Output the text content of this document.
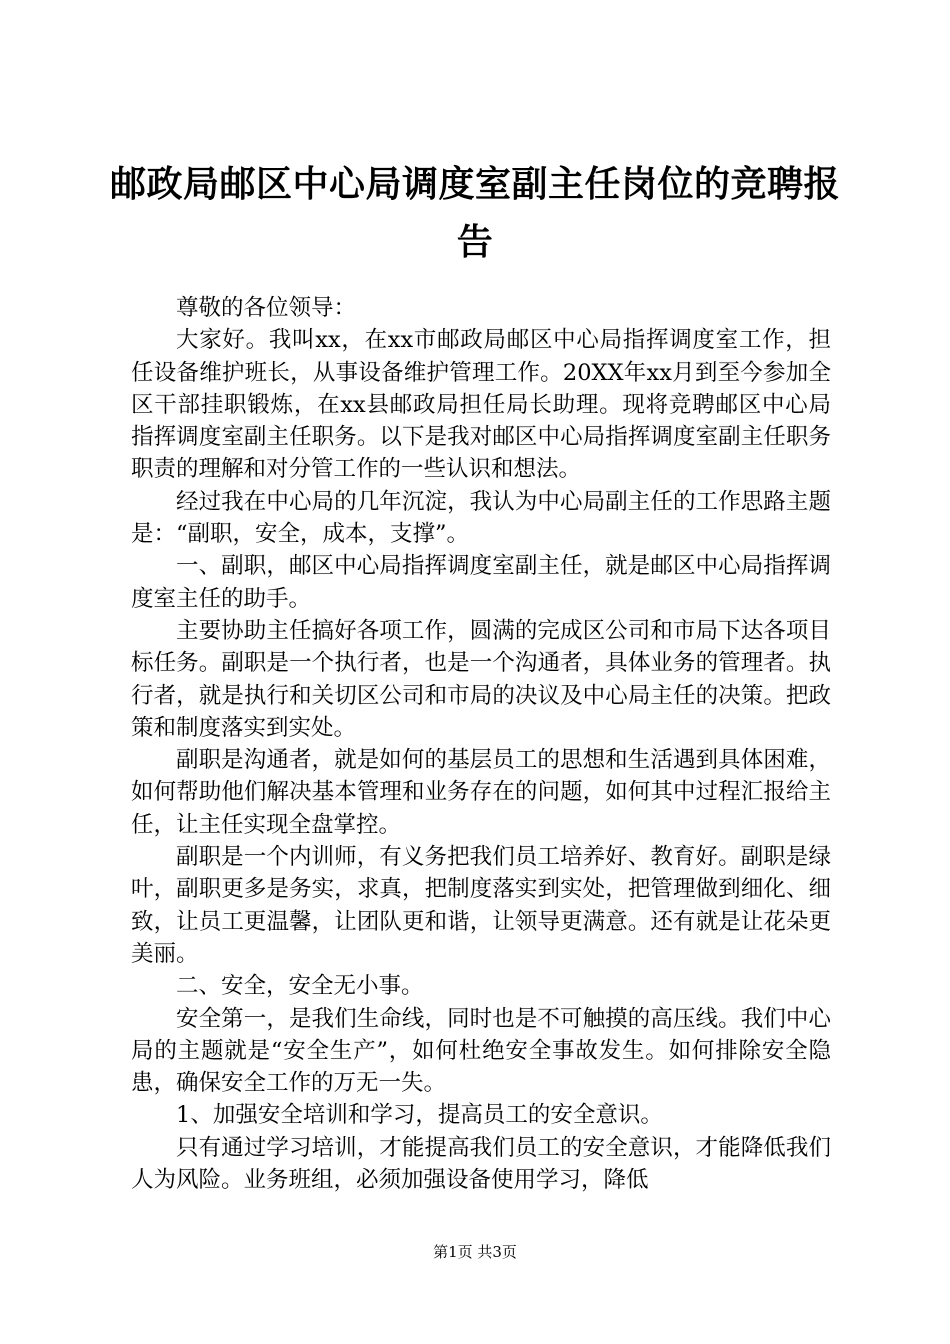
邮政局邮区中心局调度室副主任岗位的竞聘报告

尊敬的各位领导：

大家好。我叫xx，在xx市邮政局邮区中心局指挥调度室工作，担任设备维护班长，从事设备维护管理工作。20XX年xx月到至今参加全区干部挂职锻炼，在xx县邮政局担任局长助理。现将竞聘邮区中心局指挥调度室副主任职务。以下是我对邮区中心局指挥调度室副主任职务职责的理解和对分管工作的一些认识和想法。

经过我在中心局的几年沉淀，我认为中心局副主任的工作思路主题是：“副职，安全，成本，支撑”。

一、副职，邮区中心局指挥调度室副主任，就是邮区中心局指挥调度室主任的助手。

主要协助主任搞好各项工作，圆满的完成区公司和市局下达各项目标任务。副职是一个执行者，也是一个沟通者，具体业务的管理者。执行者，就是执行和关切区公司和市局的决议及中心局主任的决策。把政策和制度落实到实处。

副职是沟通者，就是如何的基层员工的思想和生活遇到具体困难，如何帮助他们解决基本管理和业务存在的问题，如何其中过程汇报给主任，让主任实现全盘掌控。

副职是一个内训师，有义务把我们员工培养好、教育好。副职是绿叶，副职更多是务实，求真，把制度落实到实处，把管理做到细化、细致，让员工更温馨，让团队更和谐，让领导更满意。还有就是让花朵更美丽。

二、安全，安全无小事。

安全第一，是我们生命线，同时也是不可触摸的高压线。我们中心局的主题就是“安全生产”，如何杜绝安全事故发生。如何排除安全隐患，确保安全工作的万无一失。

1、加强安全培训和学习，提高员工的安全意识。

只有通过学习培训，才能提高我们员工的安全意识，才能降低我们人为风险。业务班组，必须加强设备使用学习，降低

第1页 共3页
